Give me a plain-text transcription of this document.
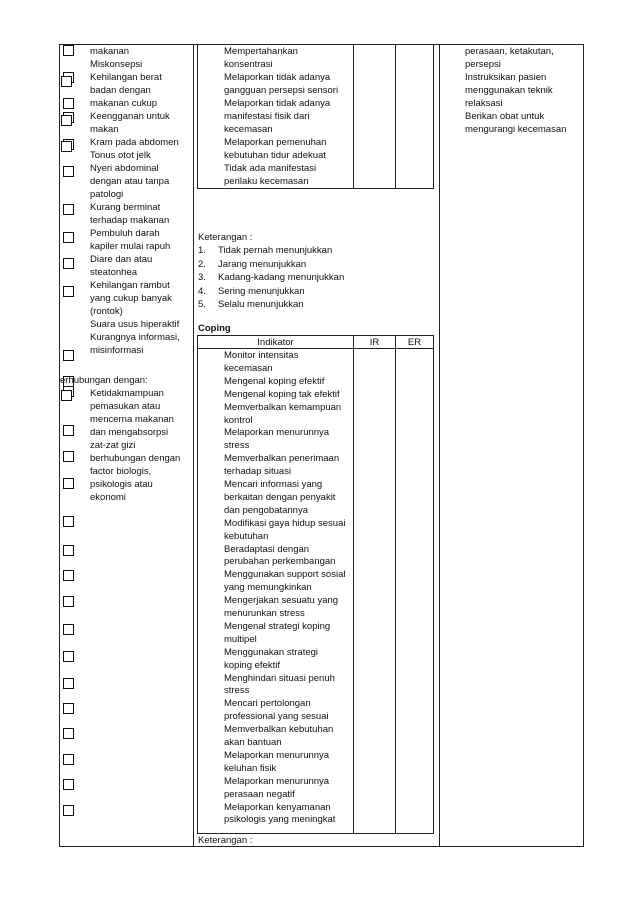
makanan
Miskonsepsi
Kehilangan berat
badan dengan
makanan cukup
Keengganan untuk
makan
Kram pada abdomen
Tonus otot jelk
Nyeri abdominal
dengan atau tanpa
patologi
Kurang berminat
terhadap makanan
Pembuluh darah
kapiler mulai rapuh
Diare dan atau
steatonhea
Kehilangan rambut
yang cukup banyak
(rontok)
Suara usus hiperaktif
Kurangnya informasi,
misinformasi
erhubungan dengan:
Ketidakmampuan
pemasukan atau
mencerna makanan
dan mengabsorpsi
zat-zat gizi
berhubungan dengan
factor biologis,
psikologis atau
ekonomi
Mempertahankan
konsentrasi
Melaporkan tidak adanya
gangguan persepsi sensori
Melaporkan tidak adanya
manifestasi fisik dari
kecemasan
Melaporkan pemenuhan
kebutuhan tidur adekuat
Tidak ada manifestasi
perilaku kecemasan
Keterangan :
1. Tidak pernah menunjukkan
2. Jarang menunjukkan
3. Kadang-kadang menunjukkan
4. Sering menunjukkan
5. Selalu menunjukkan
Coping
Indikator	IR	ER
Monitor intensitas
kecemasan
Mengenal koping efektif
Mengenal koping tak efektif
Memverbalkan kemampuan
kontrol
Melaporkan menurunnya
stress
Memverbalkan penerimaan
terhadap situasi
Mencari informasi yang
berkaitan dengan penyakit
dan pengobatannya
Modifikasi gaya hidup sesuai
kebutuhan
Beradaptasi dengan
perubahan perkembangan
Menggunakan support sosial
yang memungkinkan
Mengerjakan sesuatu yang
menurunkan stress
Mengenal strategi koping
multipel
Menggunakan strategi
koping efektif
Menghindari situasi penuh
stress
Mencari pertolongan
professional yang sesuai
Memverbalkan kebutuhan
akan bantuan
Melaporkan menurunnya
keluhan fisik
Melaporkan menurunnya
perasaan negatif
Melaporkan kenyamanan
psikologis yang meningkat
Keterangan :
perasaan, ketakutan,
persepsi
Instruksikan pasien
menggunakan teknik
relaksasi
Berikan obat untuk
mengurangi kecemasan
